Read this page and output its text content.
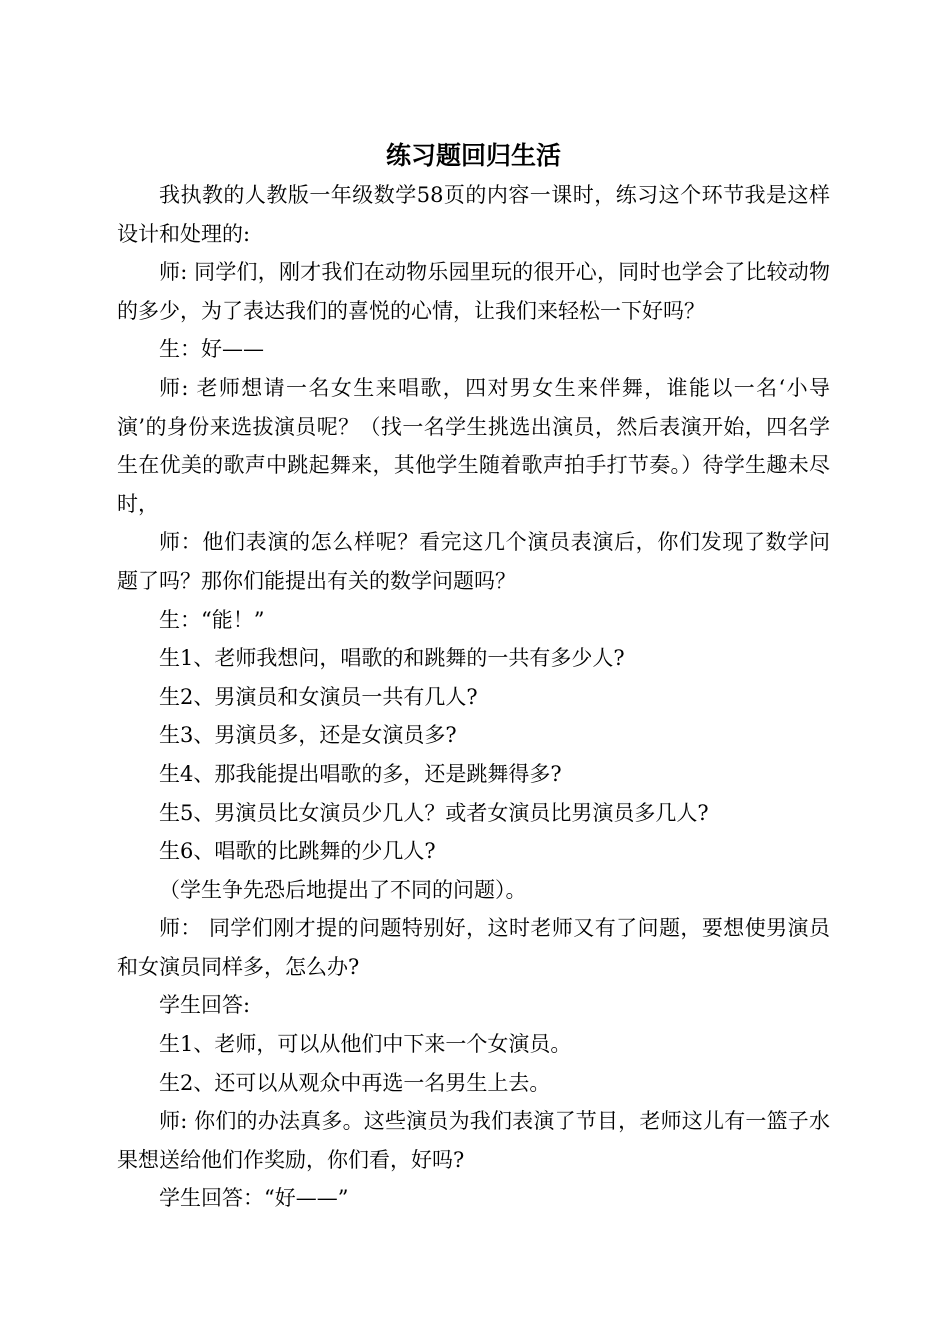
练习题回归生活

我执教的人教版一年级数学58页的内容一课时，练习这个环节我是这样设计和处理的:

师: 同学们，刚才我们在动物乐园里玩的很开心，同时也学会了比较动物的多少，为了表达我们的喜悦的心情，让我们来轻松一下好吗？

生：好——

师: 老师想请一名女生来唱歌，四对男女生来伴舞，谁能以一名‘小导演’的身份来选拔演员呢？（找一名学生挑选出演员，然后表演开始，四名学生在优美的歌声中跳起舞来，其他学生随着歌声拍手打节奏。）待学生趣未尽时，

师：他们表演的怎么样呢？看完这几个演员表演后，你们发现了数学问题了吗？那你们能提出有关的数学问题吗？

生：“能！”

生1、老师我想问，唱歌的和跳舞的一共有多少人?

生2、男演员和女演员一共有几人?

生3、男演员多，还是女演员多?

生4、那我能提出唱歌的多，还是跳舞得多?

生5、男演员比女演员少几人？或者女演员比男演员多几人?

生6、唱歌的比跳舞的少几人?

（学生争先恐后地提出了不同的问题）。

师： 同学们刚才提的问题特别好，这时老师又有了问题，要想使男演员和女演员同样多，怎么办?

学生回答:

生1、老师，可以从他们中下来一个女演员。

生2、还可以从观众中再选一名男生上去。

师: 你们的办法真多。这些演员为我们表演了节目，老师这儿有一篮子水果想送给他们作奖励，你们看，好吗?

学生回答：“好——”
